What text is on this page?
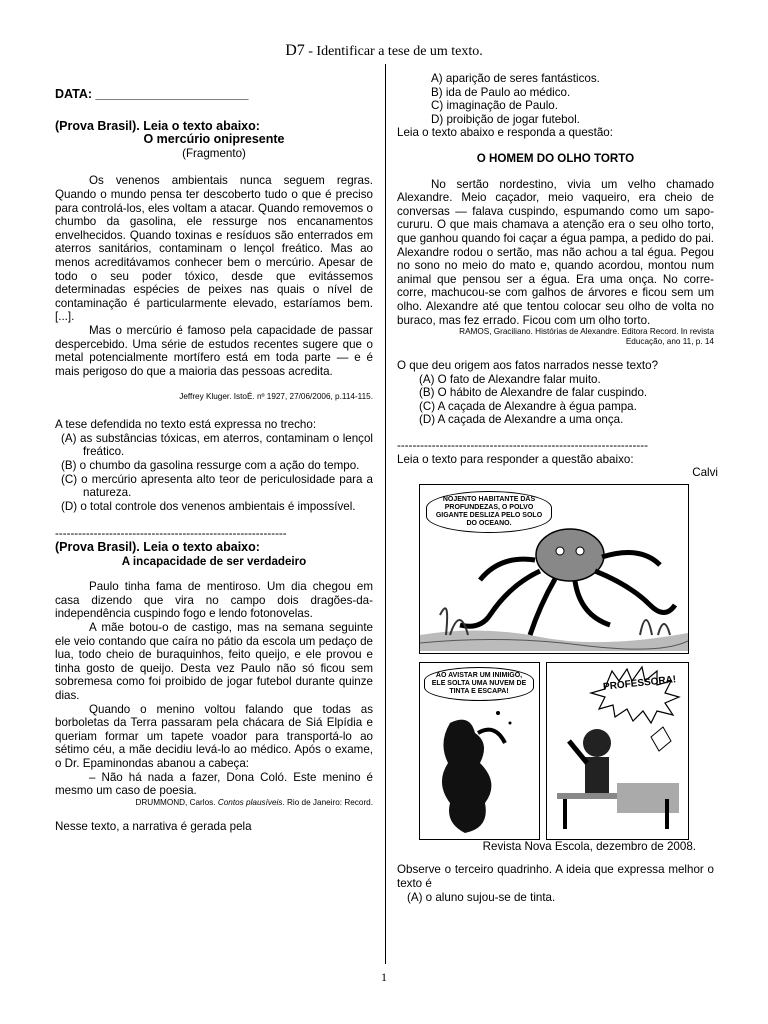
D7 - Identificar a tese de um texto.

DATA: ______________________

(Prova Brasil). Leia o texto abaixo:

O mercúrio onipresente

(Fragmento)

Os venenos ambientais nunca seguem regras. Quando o mundo pensa ter descoberto tudo o que é preciso para controlá-los, eles voltam a atacar. Quando removemos o chumbo da gasolina, ele ressurge nos encanamentos envelhecidos. Quando toxinas e resíduos são enterrados em aterros sanitários, contaminam o lençol freático. Mas ao menos acreditávamos conhecer bem o mercúrio. Apesar de todo o seu poder tóxico, desde que evitássemos determinadas espécies de peixes nas quais o nível de contaminação é particularmente elevado, estaríamos bem. [...].

Mas o mercúrio é famoso pela capacidade de passar despercebido. Uma série de estudos recentes sugere que o metal potencialmente mortífero está em toda parte — e é mais perigoso do que a maioria das pessoas acredita.

Jeffrey Kluger. IstoÉ. nº 1927, 27/06/2006, p.114-115.

A tese defendida no texto está expressa no trecho:

(A) as substâncias tóxicas, em aterros, contaminam o lençol freático.

(B) o chumbo da gasolina ressurge com a ação do tempo.

(C) o mercúrio apresenta alto teor de periculosidade para a natureza.

(D) o total controle dos venenos ambientais é impossível.

------------------------------------------------------------

(Prova Brasil). Leia o texto abaixo:

A incapacidade de ser verdadeiro

Paulo tinha fama de mentiroso. Um dia chegou em casa dizendo que vira no campo dois dragões-da-independência cuspindo fogo e lendo fotonovelas.

A mãe botou-o de castigo, mas na semana seguinte ele veio contando que caíra no pátio da escola um pedaço de lua, todo cheio de buraquinhos, feito queijo, e ele provou e tinha gosto de queijo. Desta vez Paulo não só ficou sem sobremesa como foi proibido de jogar futebol durante quinze dias.

Quando o menino voltou falando que todas as borboletas da Terra passaram pela chácara de Siá Elpídia e queriam formar um tapete voador para transportá-lo ao sétimo céu, a mãe decidiu levá-lo ao médico. Após o exame, o Dr. Epaminondas abanou a cabeça:

– Não há nada a fazer, Dona Coló. Este menino é mesmo um caso de poesia.

DRUMMOND, Carlos. Contos plausíveis. Rio de Janeiro: Record.

Nesse texto, a narrativa é gerada pela

A) aparição de seres fantásticos.

B) ida de Paulo ao médico.

C) imaginação de Paulo.

D) proibição de jogar futebol.

Leia o texto abaixo e responda a questão:

O HOMEM DO OLHO TORTO

No sertão nordestino, vivia um velho chamado Alexandre. Meio caçador, meio vaqueiro, era cheio de conversas — falava cuspindo, espumando como um sapo-cururu. O que mais chamava a atenção era o seu olho torto, que ganhou quando foi caçar a égua pampa, a pedido do pai. Alexandre rodou o sertão, mas não achou a tal égua. Pegou no sono no meio do mato e, quando acordou, montou num animal que pensou ser a égua. Era uma onça. No corre-corre, machucou-se com galhos de árvores e ficou sem um olho. Alexandre até que tentou colocar seu olho de volta no buraco, mas fez errado. Ficou com um olho torto.

RAMOS, Graciliano. Histórias de Alexandre. Editora Record. In revista

Educação, ano 11, p. 14

O que deu origem aos fatos narrados nesse texto?

(A) O fato de Alexandre falar muito.

(B) O hábito de Alexandre de falar cuspindo.

(C) A caçada de Alexandre à égua pampa.

(D) A caçada de Alexandre a uma onça.

-----------------------------------------------------------------

Leia o texto para responder a questão abaixo:

Calvi

NOJENTO HABITANTE DAS PROFUNDEZAS, O POLVO GIGANTE DESLIZA PELO SOLO DO OCEANO.
AO AVISTAR UM INIMIGO, ELE SOLTA UMA NUVEM DE TINTA E ESCAPA!	PROFESSORA!

Revista Nova Escola, dezembro de 2008.

Observe o terceiro quadrinho. A ideia que expressa melhor o texto é

(A) o aluno sujou-se de tinta.

1
